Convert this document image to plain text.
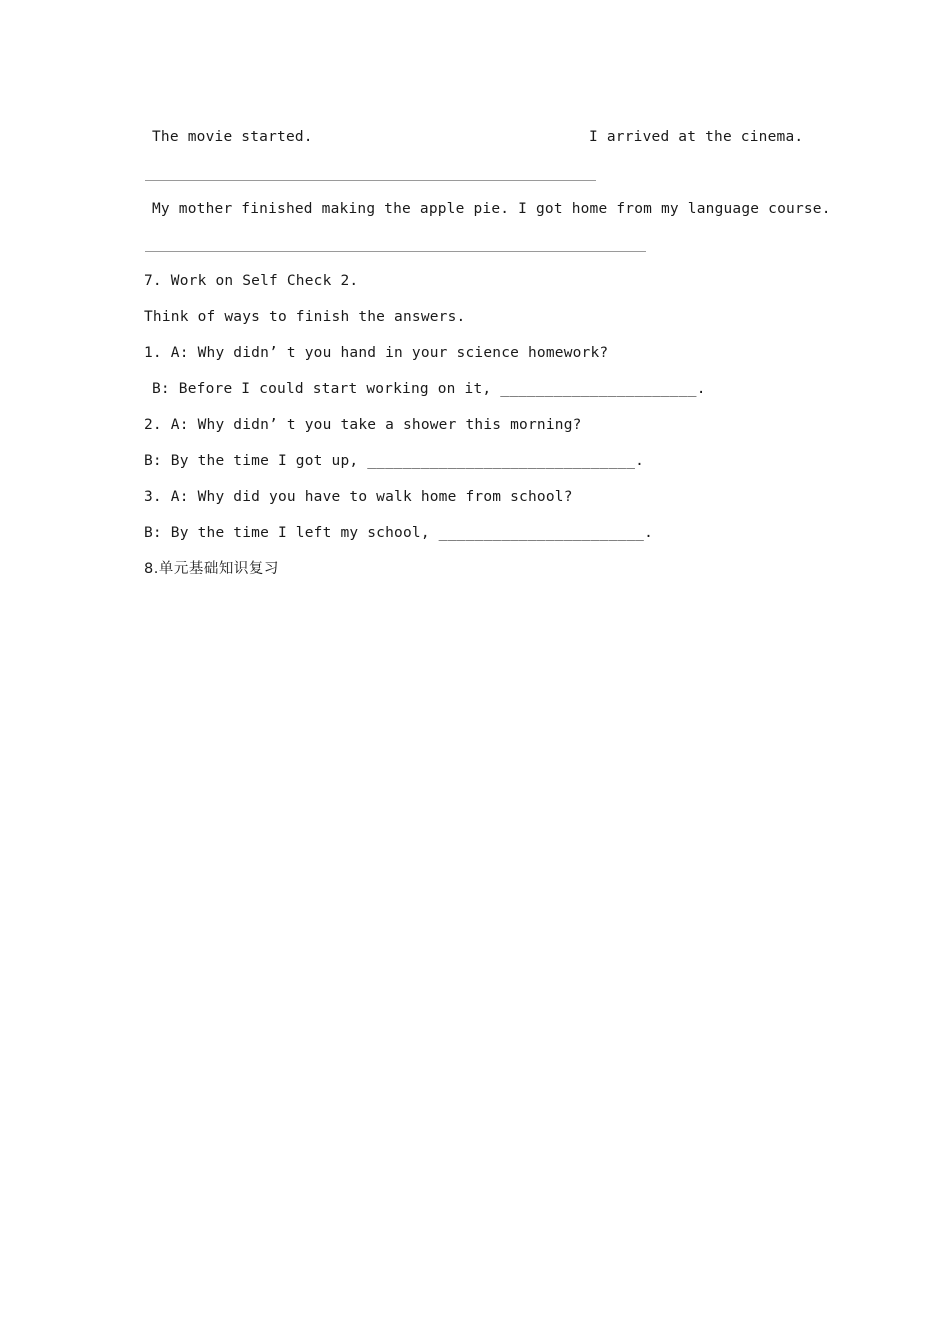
The movie started.	I arrived at the cinema.
My mother finished making the apple pie. I got home from my language course.
7. Work on Self Check 2.
Think of ways to finish the answers.
1. A: Why didn’ t you hand in your science homework?
B: Before I could start working on it, ______________________.
2. A: Why didn’ t you take a shower this morning?
B: By the time I got up, ______________________________.
3. A: Why did you have to walk home from school?
B: By the time I left my school, _______________________.
8.单元基础知识复习
